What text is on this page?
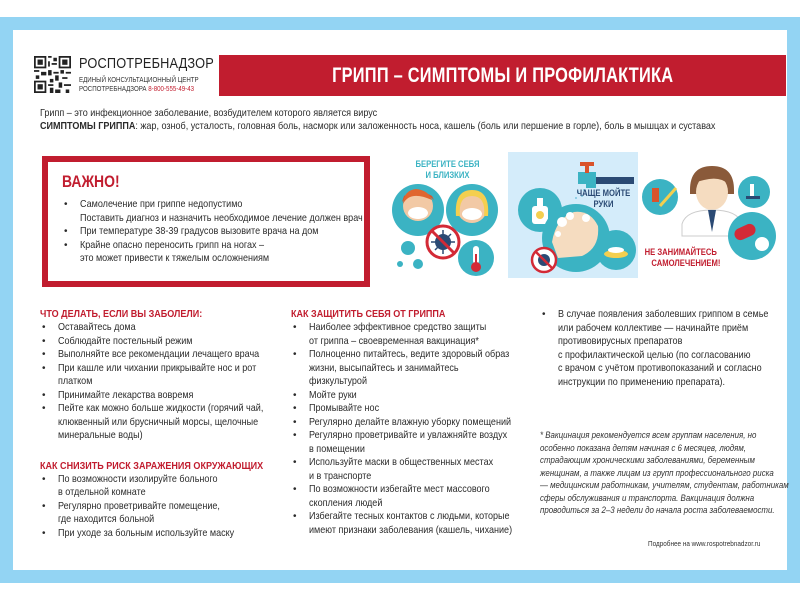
РОСПОТРЕБНАДЗОР
ЕДИНЫЙ КОНСУЛЬТАЦИОННЫЙ ЦЕНТР
РОСПОТРЕБНАДЗОРА 8-800-555-49-43
ГРИПП – СИМПТОМЫ И ПРОФИЛАКТИКА
Грипп – это инфекционное заболевание, возбудителем которого является вирус
СИМПТОМЫ ГРИППА: жар, озноб, усталость, головная боль, насморк или заложенность носа, кашель (боль или першение в горле), боль в мышцах и суставах
ВАЖНО!
• Самолечение при гриппе недопустимо
Поставить диагноз и назначить необходимое лечение должен врач
• При температуре 38-39 градусов вызовите врача на дом
• Крайне опасно переносить грипп на ногах –
это может привести к тяжелым осложнениям
БЕРЕГИТЕ СЕБЯ
И БЛИЗКИХ
ЧАЩЕ МОЙТЕ
РУКИ
НЕ ЗАНИМАЙТЕСЬ
САМОЛЕЧЕНИЕМ!
ЧТО ДЕЛАТЬ, ЕСЛИ ВЫ ЗАБОЛЕЛИ:
• Оставайтесь дома
• Соблюдайте постельный режим
• Выполняйте все рекомендации лечащего врача
• При кашле или чихании прикрывайте нос и рот
платком
• Принимайте лекарства вовремя
• Пейте как можно больше жидкости (горячий чай,
клюквенный или брусничный морсы, щелочные
минеральные воды)
КАК СНИЗИТЬ РИСК ЗАРАЖЕНИЯ ОКРУЖАЮЩИХ
• По возможности изолируйте больного
в отдельной комнате
• Регулярно проветривайте помещение,
где находится больной
• При уходе за больным используйте маску
КАК ЗАЩИТИТЬ СЕБЯ ОТ ГРИППА
• Наиболее эффективное средство защиты
от гриппа – своевременная вакцинация*
• Полноценно питайтесь, ведите здоровый образ
жизни, высыпайтесь и занимайтесь
физкультурой
• Мойте руки
• Промывайте нос
• Регулярно делайте влажную уборку помещений
• Регулярно проветривайте и увлажняйте воздух
в помещении
• Используйте маски в общественных местах
и в транспорте
• По возможности избегайте мест массового
скопления людей
• Избегайте тесных контактов с людьми, которые
имеют признаки заболевания (кашель, чихание)
• В случае появления заболевших гриппом в семье
или рабочем коллективе — начинайте приём
противовирусных препаратов
с профилактической целью (по согласованию
с врачом с учётом противопоказаний и согласно
инструкции по применению препарата).
* Вакцинация рекомендуется всем группам населения, но
особенно показана детям начиная с 6 месяцев, людям,
страдающим хроническими заболеваниями, беременным
женщинам, а также лицам из групп профессионального риска
— медицинским работникам, учителям, студентам, работникам
сферы обслуживания и транспорта. Вакцинация должна
проводиться за 2–3 недели до начала роста заболеваемости.
Подробнее на www.rospotrebnadzor.ru
